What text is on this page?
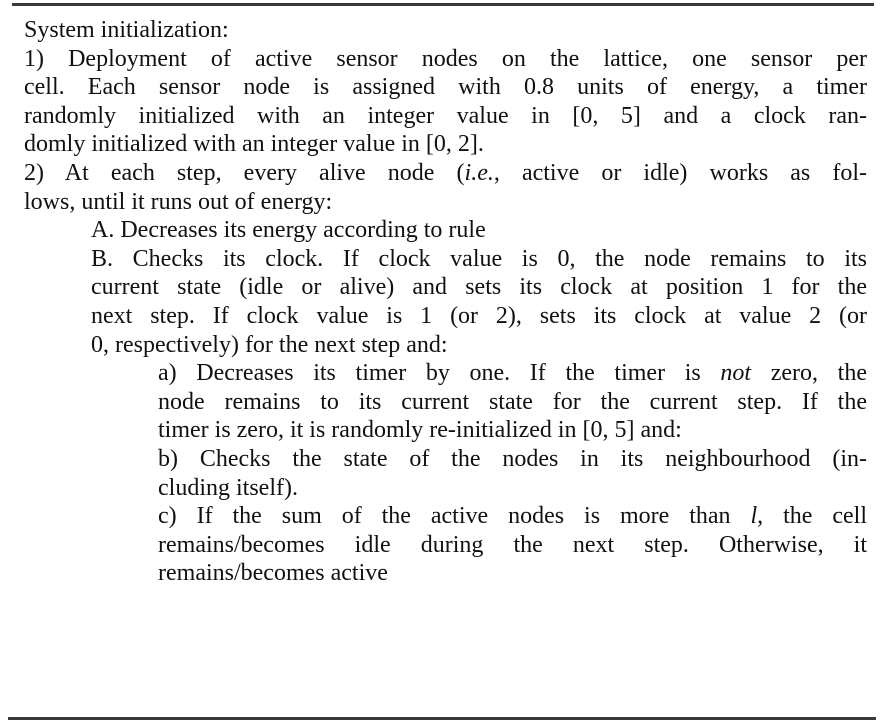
System initialization:
1) Deployment of active sensor nodes on the lattice, one sensor per
cell. Each sensor node is assigned with 0.8 units of energy, a timer
randomly initialized with an integer value in [0, 5] and a clock ran-
domly initialized with an integer value in [0, 2].
2) At each step, every alive node (i.e., active or idle) works as fol-
lows, until it runs out of energy:
A. Decreases its energy according to rule
B. Checks its clock. If clock value is 0, the node remains to its
current state (idle or alive) and sets its clock at position 1 for the
next step. If clock value is 1 (or 2), sets its clock at value 2 (or
0, respectively) for the next step and:
a) Decreases its timer by one. If the timer is not zero, the
node remains to its current state for the current step. If the
timer is zero, it is randomly re-initialized in [0, 5] and:
b) Checks the state of the nodes in its neighbourhood (in-
cluding itself).
c) If the sum of the active nodes is more than l, the cell
remains/becomes idle during the next step. Otherwise, it
remains/becomes active
